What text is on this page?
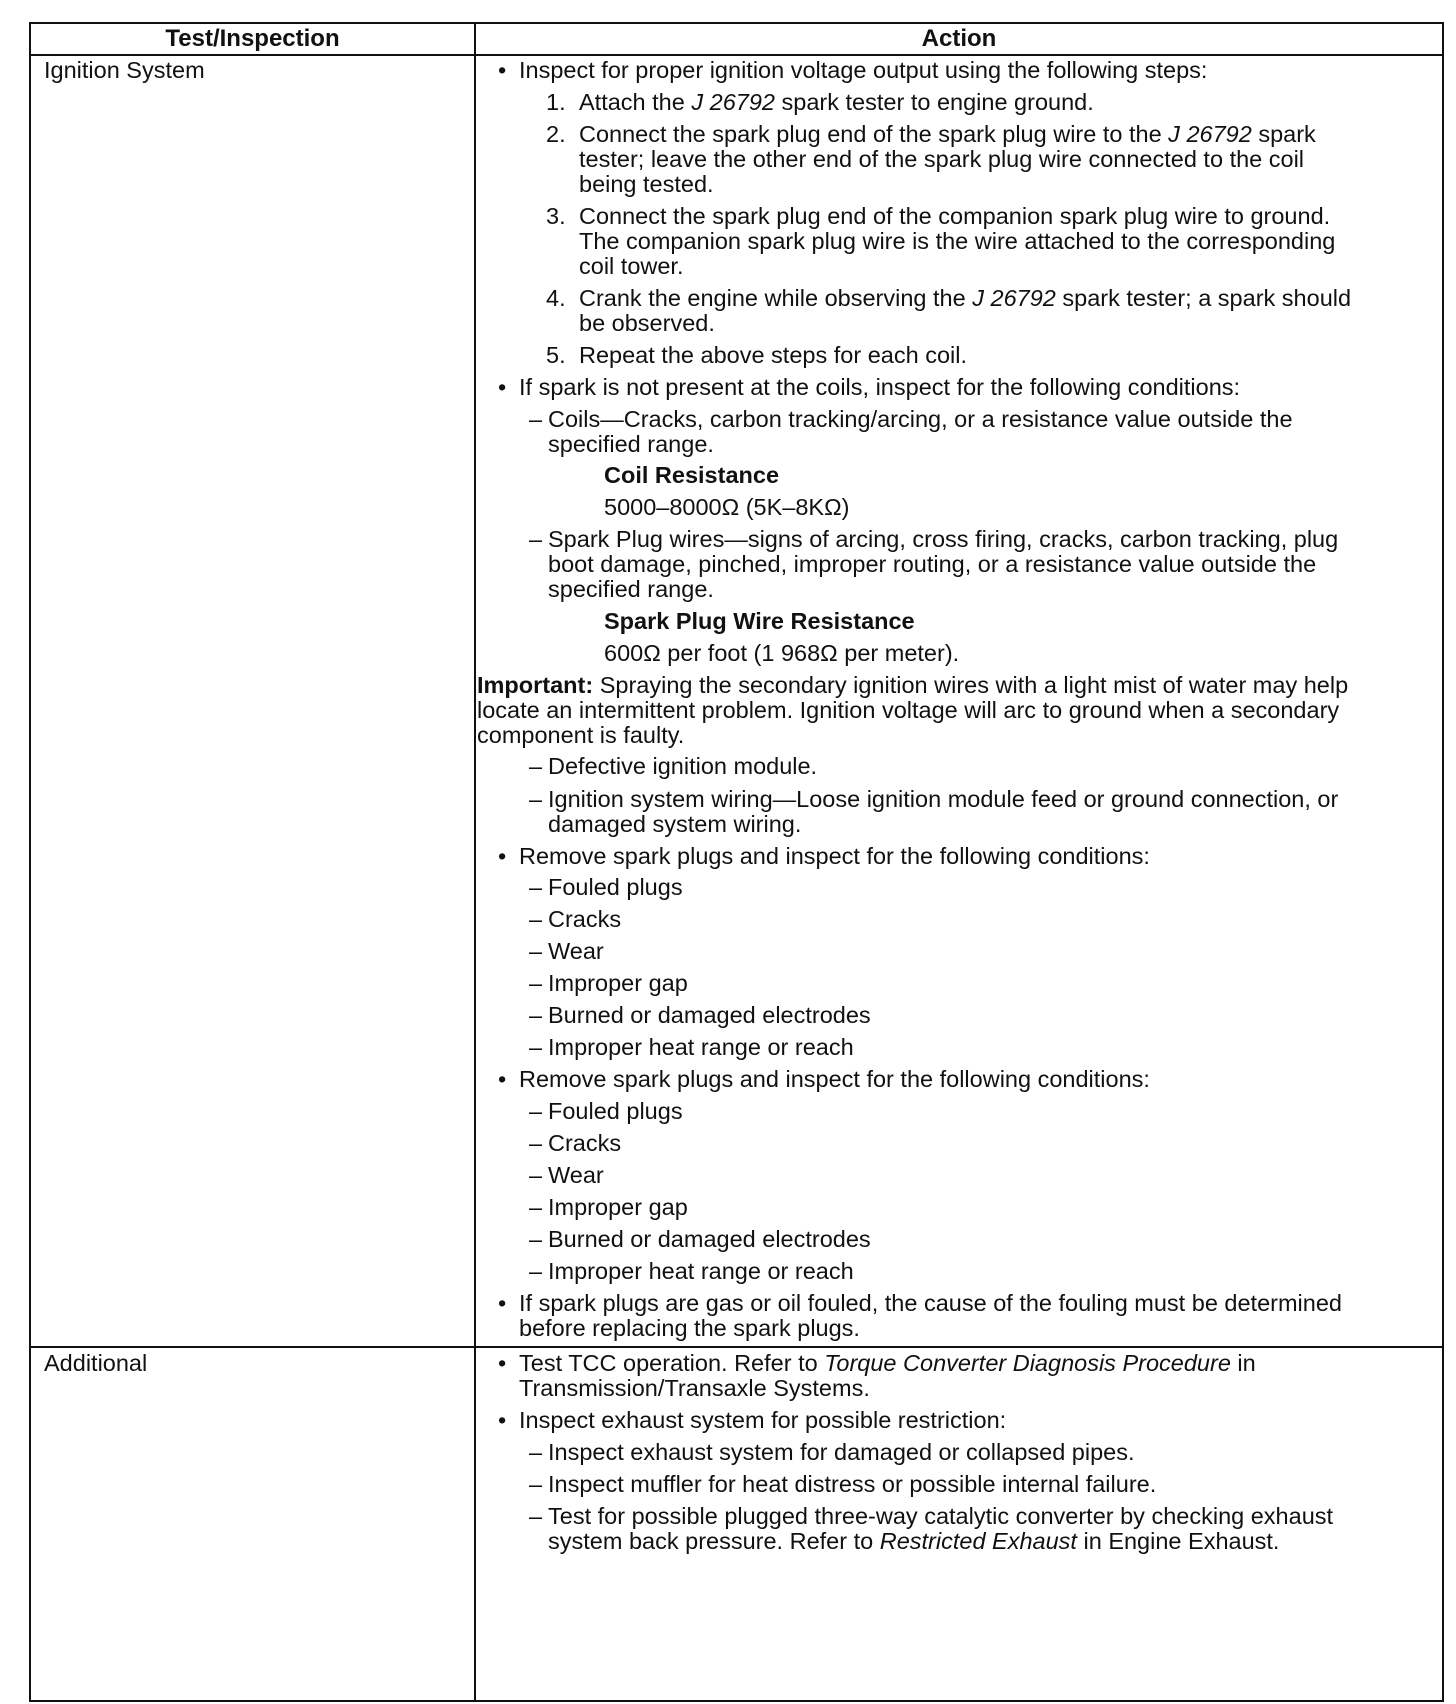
Test/Inspection	Action
Ignition System
Additional
• Inspect for proper ignition voltage output using the following steps:
1. Attach the J 26792 spark tester to engine ground.
2. Connect the spark plug end of the spark plug wire to the J 26792 spark
tester; leave the other end of the spark plug wire connected to the coil
being tested.
3. Connect the spark plug end of the companion spark plug wire to ground.
The companion spark plug wire is the wire attached to the corresponding
coil tower.
4. Crank the engine while observing the J 26792 spark tester; a spark should
be observed.
5. Repeat the above steps for each coil.
• If spark is not present at the coils, inspect for the following conditions:
– Coils—Cracks, carbon tracking/arcing, or a resistance value outside the
specified range.
Coil Resistance
5000–8000Ω (5K–8KΩ)
– Spark Plug wires—signs of arcing, cross firing, cracks, carbon tracking, plug
boot damage, pinched, improper routing, or a resistance value outside the
specified range.
Spark Plug Wire Resistance
600Ω per foot (1 968Ω per meter).
Important: Spraying the secondary ignition wires with a light mist of water may help
locate an intermittent problem. Ignition voltage will arc to ground when a secondary
component is faulty.
– Defective ignition module.
– Ignition system wiring—Loose ignition module feed or ground connection, or
damaged system wiring.
• Remove spark plugs and inspect for the following conditions:
– Fouled plugs
– Cracks
– Wear
– Improper gap
– Burned or damaged electrodes
– Improper heat range or reach
• Remove spark plugs and inspect for the following conditions:
– Fouled plugs
– Cracks
– Wear
– Improper gap
– Burned or damaged electrodes
– Improper heat range or reach
• If spark plugs are gas or oil fouled, the cause of the fouling must be determined
before replacing the spark plugs.
• Test TCC operation. Refer to Torque Converter Diagnosis Procedure in
Transmission/Transaxle Systems.
• Inspect exhaust system for possible restriction:
– Inspect exhaust system for damaged or collapsed pipes.
– Inspect muffler for heat distress or possible internal failure.
– Test for possible plugged three-way catalytic converter by checking exhaust
system back pressure. Refer to Restricted Exhaust in Engine Exhaust.
